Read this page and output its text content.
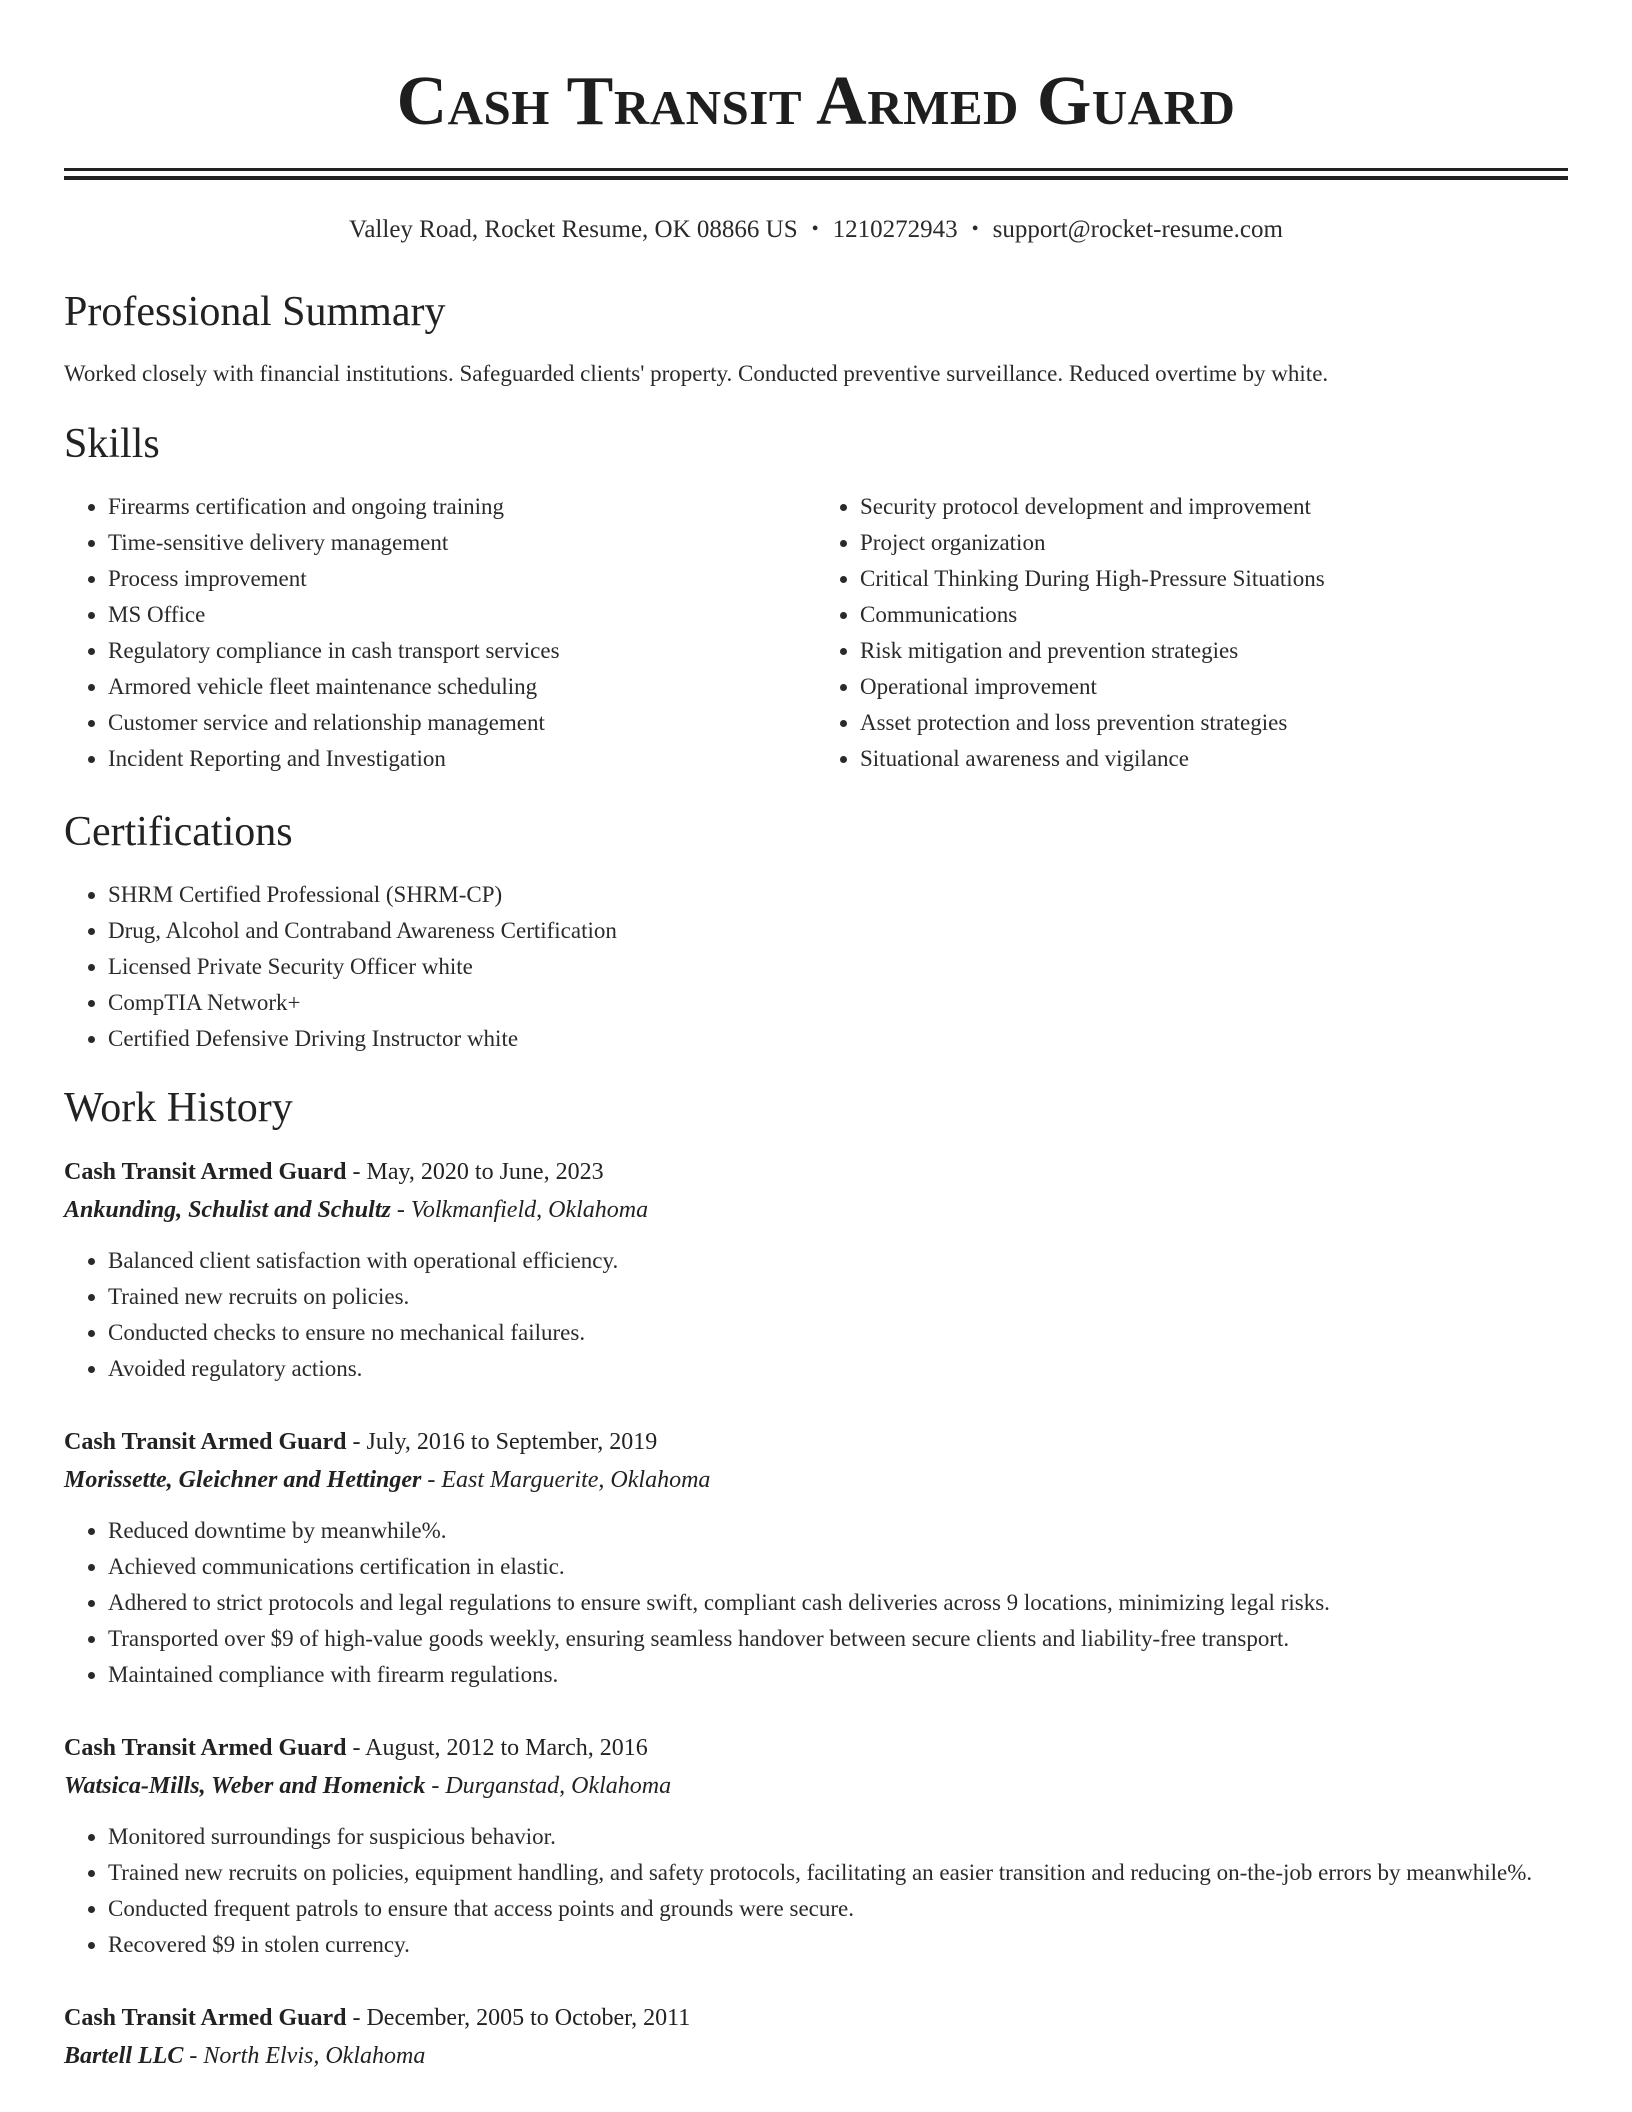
Cash Transit Armed Guard
Valley Road, Rocket Resume, OK 08866 US • 1210272943 • support@rocket-resume.com
Professional Summary
Worked closely with financial institutions. Safeguarded clients' property. Conducted preventive surveillance. Reduced overtime by white.
Skills
• Firearms certification and ongoing training
• Time-sensitive delivery management
• Process improvement
• MS Office
• Regulatory compliance in cash transport services
• Armored vehicle fleet maintenance scheduling
• Customer service and relationship management
• Incident Reporting and Investigation
• Security protocol development and improvement
• Project organization
• Critical Thinking During High-Pressure Situations
• Communications
• Risk mitigation and prevention strategies
• Operational improvement
• Asset protection and loss prevention strategies
• Situational awareness and vigilance
Certifications
• SHRM Certified Professional (SHRM-CP)
• Drug, Alcohol and Contraband Awareness Certification
• Licensed Private Security Officer white
• CompTIA Network+
• Certified Defensive Driving Instructor white
Work History
Cash Transit Armed Guard - May, 2020 to June, 2023
Ankunding, Schulist and Schultz - Volkmanfield, Oklahoma
• Balanced client satisfaction with operational efficiency.
• Trained new recruits on policies.
• Conducted checks to ensure no mechanical failures.
• Avoided regulatory actions.
Cash Transit Armed Guard - July, 2016 to September, 2019
Morissette, Gleichner and Hettinger - East Marguerite, Oklahoma
• Reduced downtime by meanwhile%.
• Achieved communications certification in elastic.
• Adhered to strict protocols and legal regulations to ensure swift, compliant cash deliveries across 9 locations, minimizing legal risks.
• Transported over $9 of high-value goods weekly, ensuring seamless handover between secure clients and liability-free transport.
• Maintained compliance with firearm regulations.
Cash Transit Armed Guard - August, 2012 to March, 2016
Watsica-Mills, Weber and Homenick - Durganstad, Oklahoma
• Monitored surroundings for suspicious behavior.
• Trained new recruits on policies, equipment handling, and safety protocols, facilitating an easier transition and reducing on-the-job errors by meanwhile%.
• Conducted frequent patrols to ensure that access points and grounds were secure.
• Recovered $9 in stolen currency.
Cash Transit Armed Guard - December, 2005 to October, 2011
Bartell LLC - North Elvis, Oklahoma
